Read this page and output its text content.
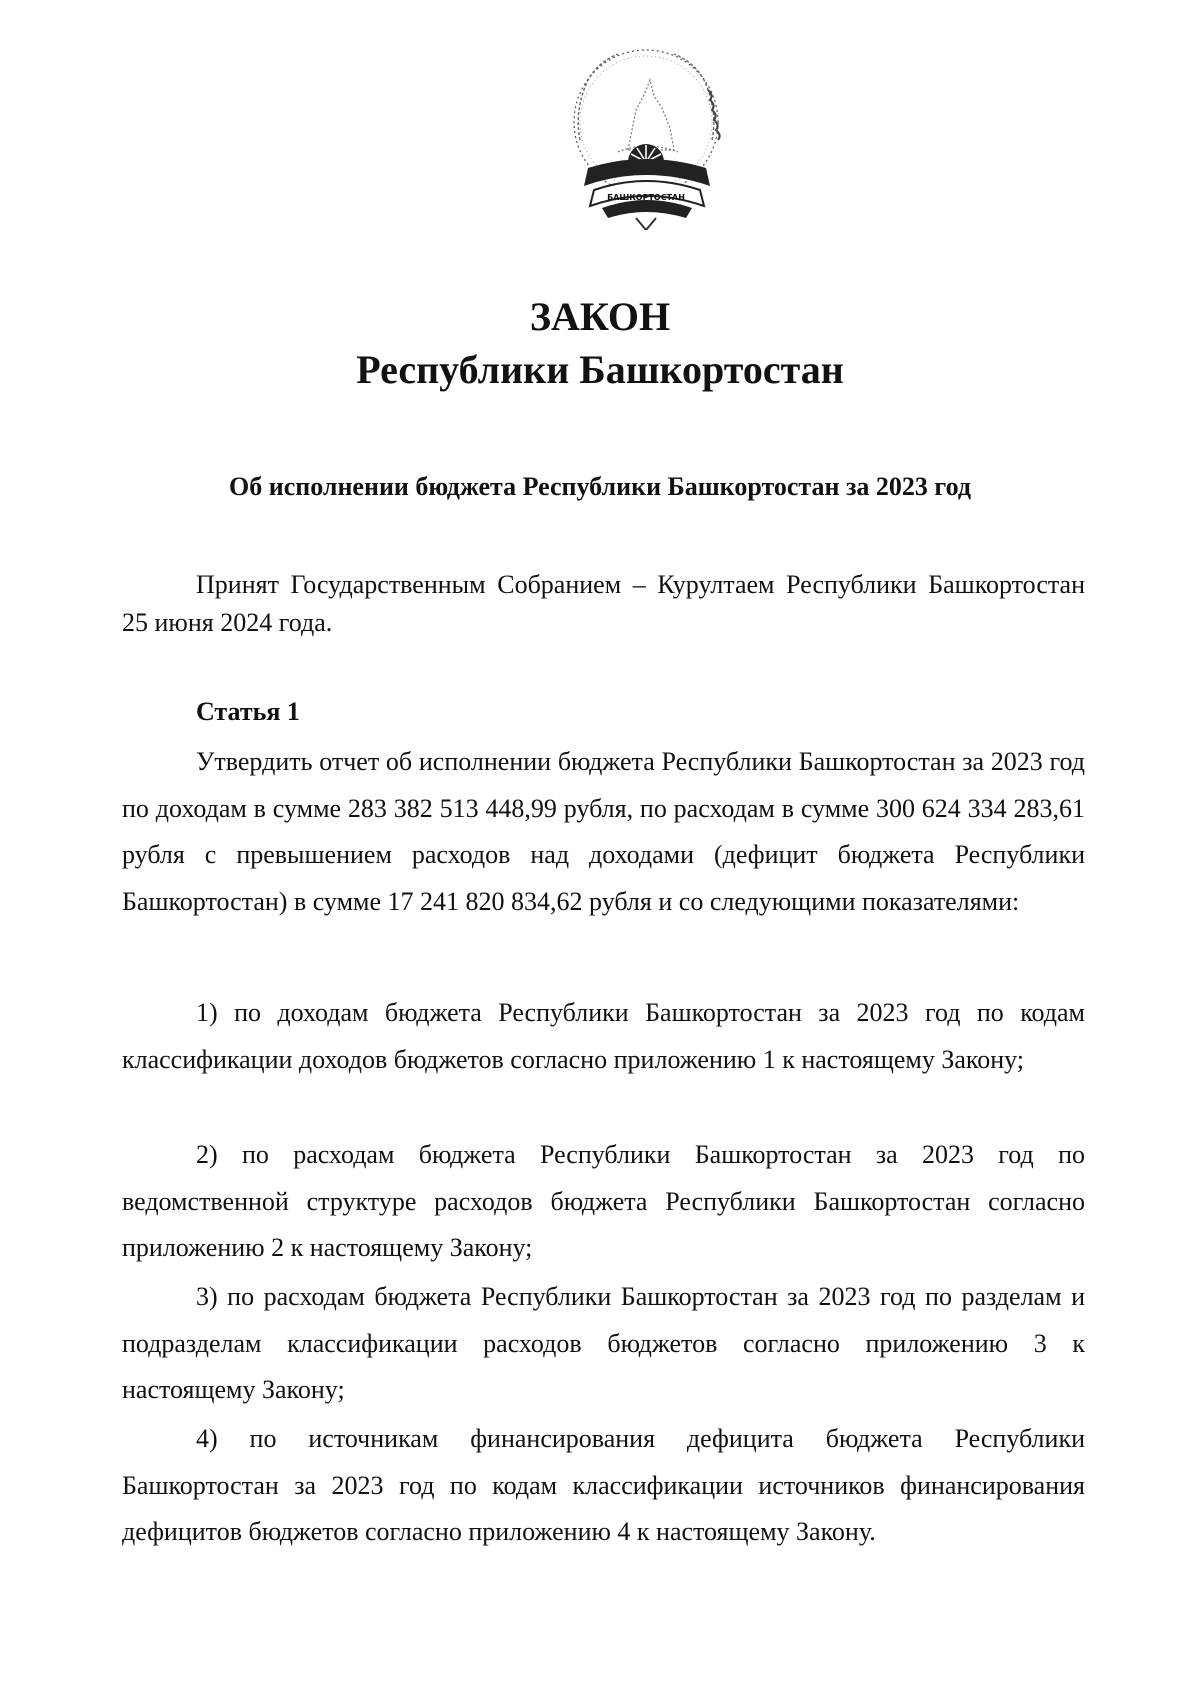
БАШКОРТОСТАН
ЗАКОН
Республики Башкортостан
Об исполнении бюджета Республики Башкортостан за 2023 год

Принят Государственным Собранием – Курултаем Республики Башкортостан 25 июня 2024 года.

Статья 1

Утвердить отчет об исполнении бюджета Республики Башкортостан за 2023 год по доходам в сумме 283 382 513 448,99 рубля, по расходам в сумме 300 624 334 283,61 рубля с превышением расходов над доходами (дефицит бюджета Республики Башкортостан) в сумме 17 241 820 834,62 рубля и со следующими показателями:

1) по доходам бюджета Республики Башкортостан за 2023 год по кодам классификации доходов бюджетов согласно приложению 1 к настоящему Закону;

2) по расходам бюджета Республики Башкортостан за 2023 год по ведомственной структуре расходов бюджета Республики Башкортостан согласно приложению 2 к настоящему Закону;

3) по расходам бюджета Республики Башкортостан за 2023 год по разделам и подразделам классификации расходов бюджетов согласно приложению 3 к настоящему Закону;

4) по источникам финансирования дефицита бюджета Республики Башкортостан за 2023 год по кодам классификации источников финансирования дефицитов бюджетов согласно приложению 4 к настоящему Закону.
